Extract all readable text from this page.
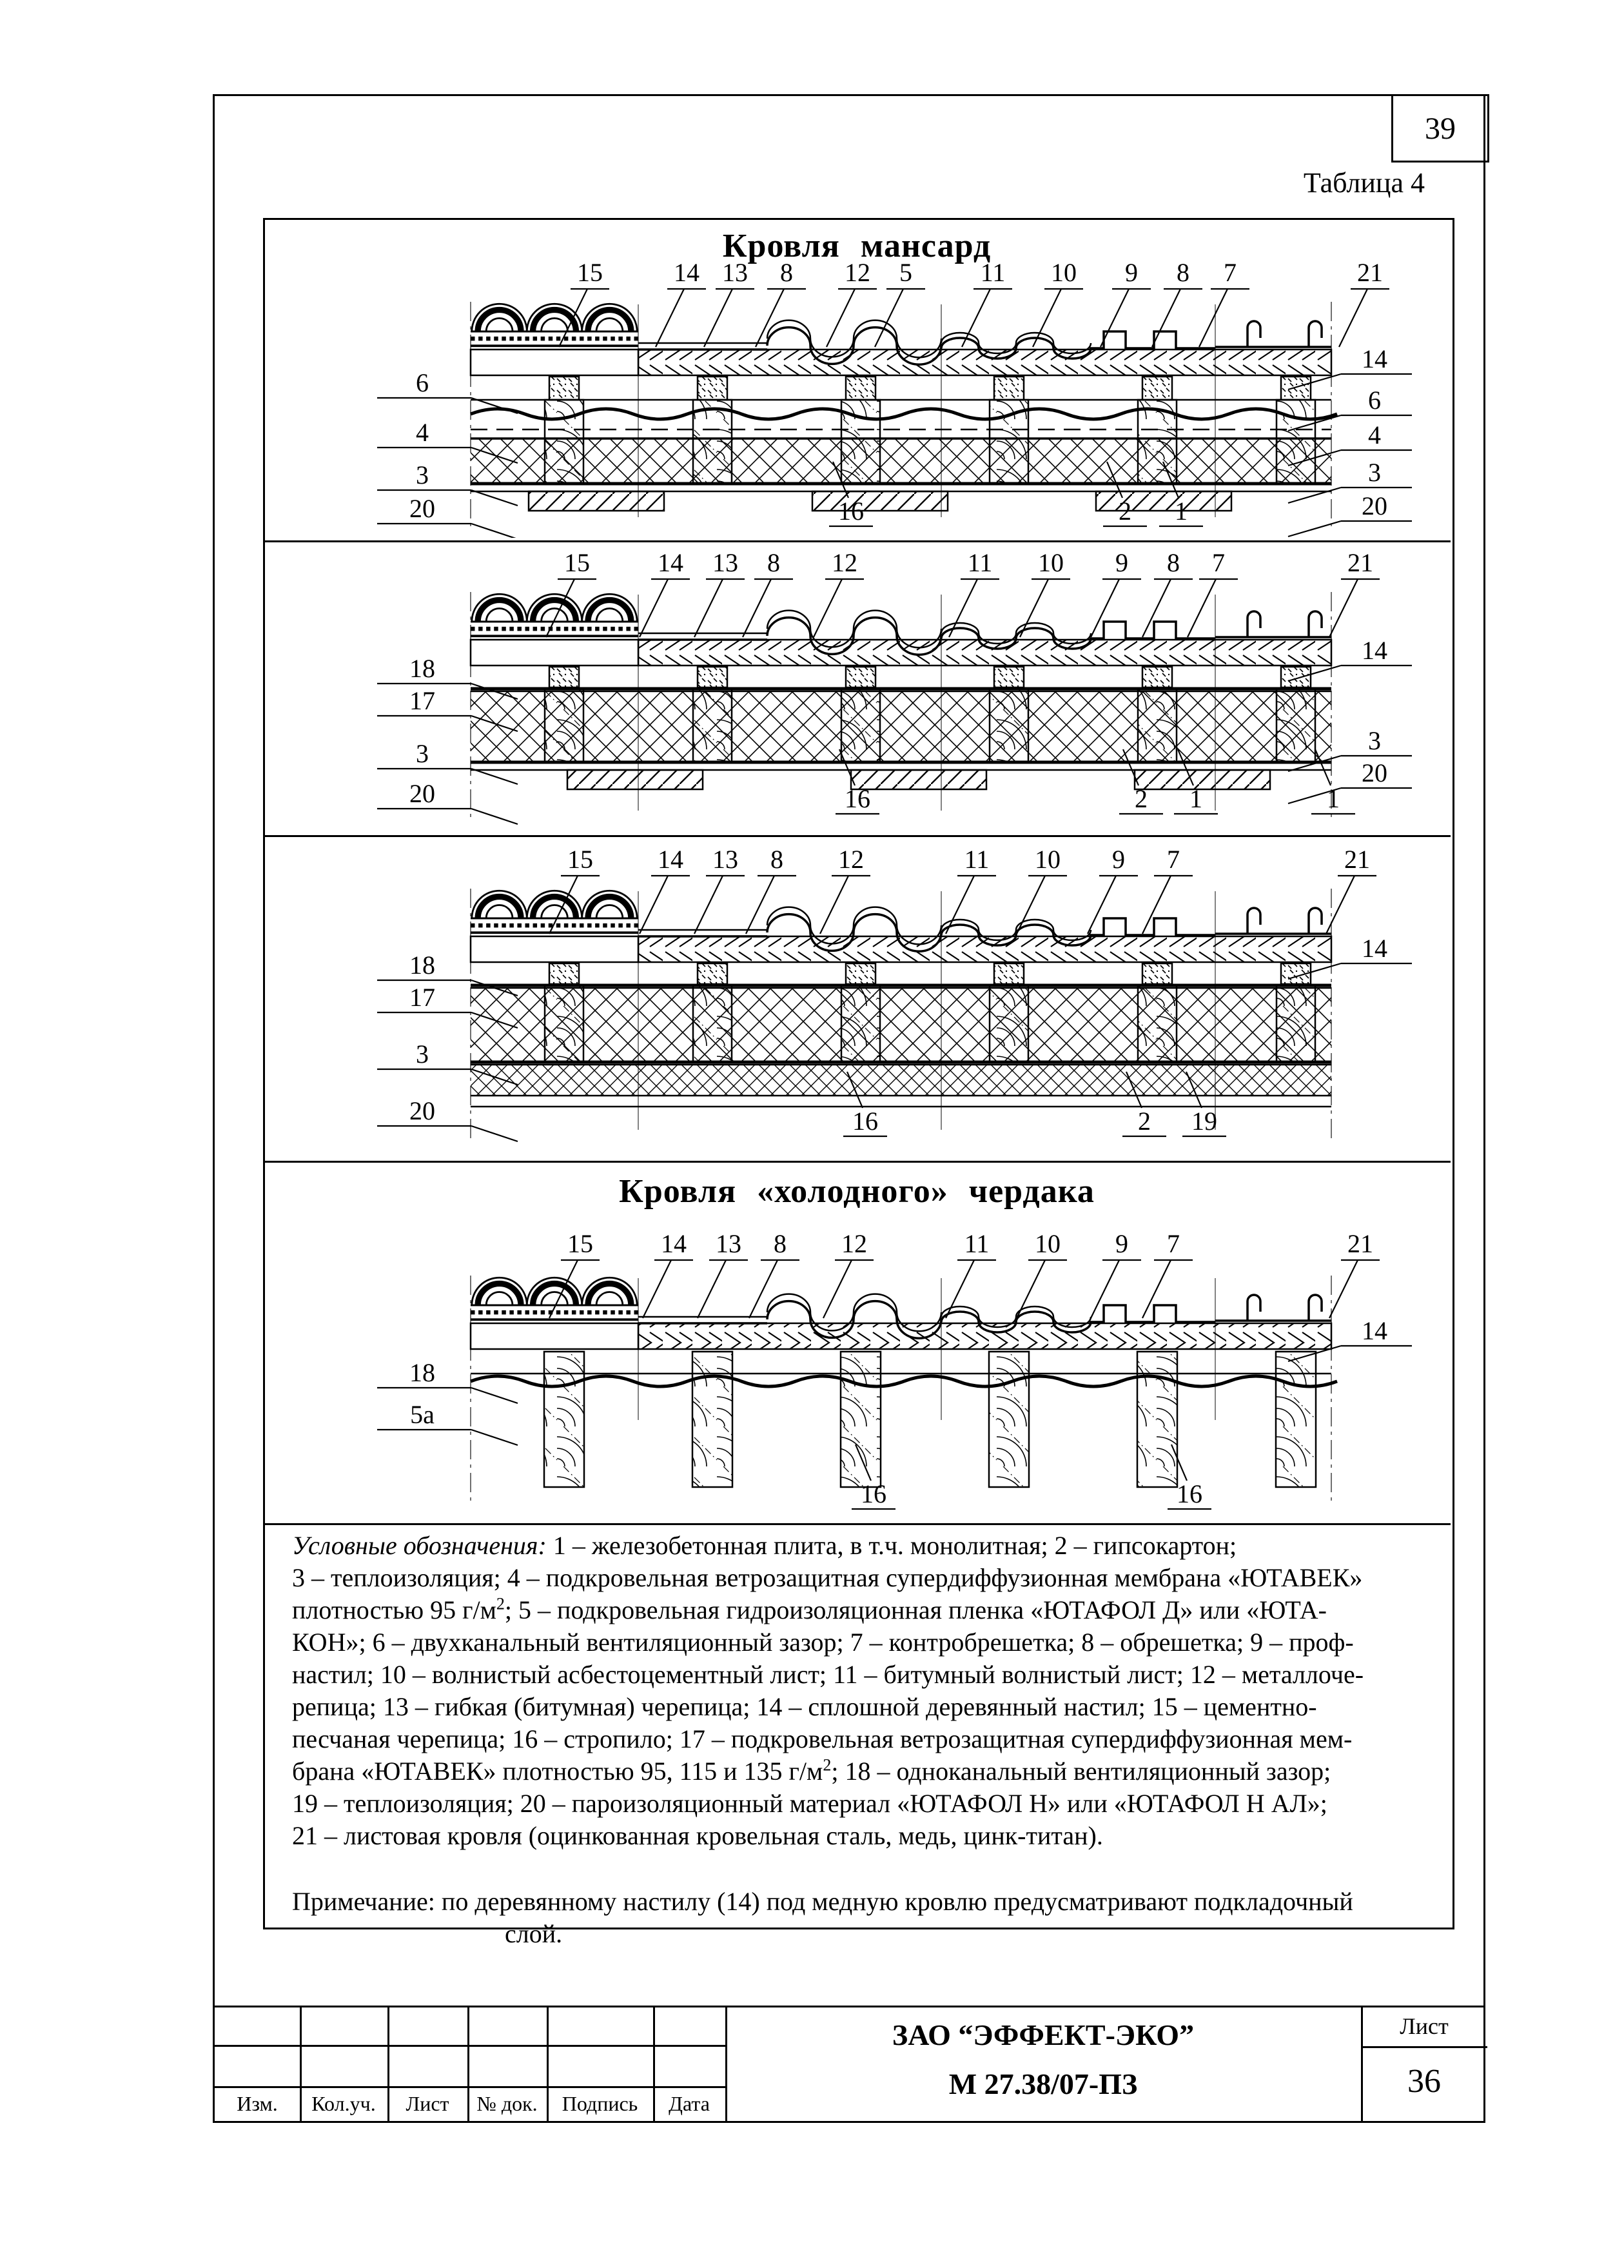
39
Таблица 4
Кровля мансард
Кровля «холодного» чердака
15	14 13 8 12 5	11 10 9 8 7	21
6
4
3
20
14
6
4
3
20
16	2 1
15	14 13 8 12	11 10 9 8 7	21
18
17
3
20
14
3
20
16	2 1	1
15	14 13 8 12	11 10 9 7	21
18
17
3
20
14
16	2 19
15	14 13 8 12	11 10 9 7	21
18
5а
14
16	16
Условные обозначения: 1 – железобетонная плита, в т.ч. монолитная; 2 – гипсокартон;
3 – теплоизоляция; 4 – подкровельная ветрозащитная супердиффузионная мембрана «ЮТАВЕК»
плотностью 95 $г/м^2$; 5 – подкровельная гидроизоляционная пленка «ЮТАФОЛ Д» или «ЮТА-
КОН»; 6 – двухканальный вентиляционный зазор; 7 – контробрешетка; 8 – обрешетка; 9 – проф-
настил; 10 – волнистый асбестоцементный лист; 11 – битумный волнистый лист; 12 – металлоче-
репица; 13 – гибкая (битумная) черепица; 14 – сплошной деревянный настил; 15 – цементно-
песчаная черепица; 16 – стропило; 17 – подкровельная ветрозащитная супердиффузионная мем-
брана «ЮТАВЕК» плотностью 95, 115 и 135 $г/м^2$; 18 – одноканальный вентиляционный зазор;
19 – теплоизоляция; 20 – пароизоляционный материал «ЮТАФОЛ Н» или «ЮТАФОЛ Н АЛ»;
21 – листовая кровля (оцинкованная кровельная сталь, медь, цинк-титан).
Примечание: по деревянному настилу (14) под медную кровлю предусматривают подкладочный
слой.
Изм.	Кол.уч.	Лист	№ док.	Подпись	Дата
ЗАО “ЭФФЕКТ-ЭКО”
М 27.38/07-ПЗ
Лист
36
